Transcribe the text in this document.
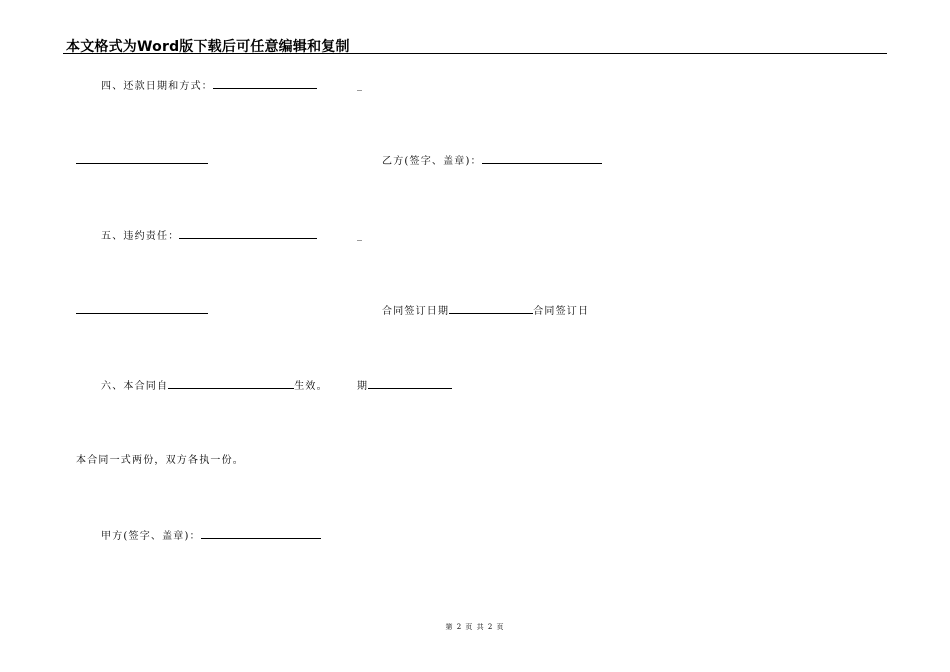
本文格式为Word版下载后可任意编辑和复制
四、还款日期和方式：	_
乙方(签字、盖章)：
五、违约责任：	_
合同签订日期	合同签订日
六、本合同自	生效。	期
本合同一式两份，双方各执一份。
甲方(签字、盖章)：
第 2 页 共 2 页
